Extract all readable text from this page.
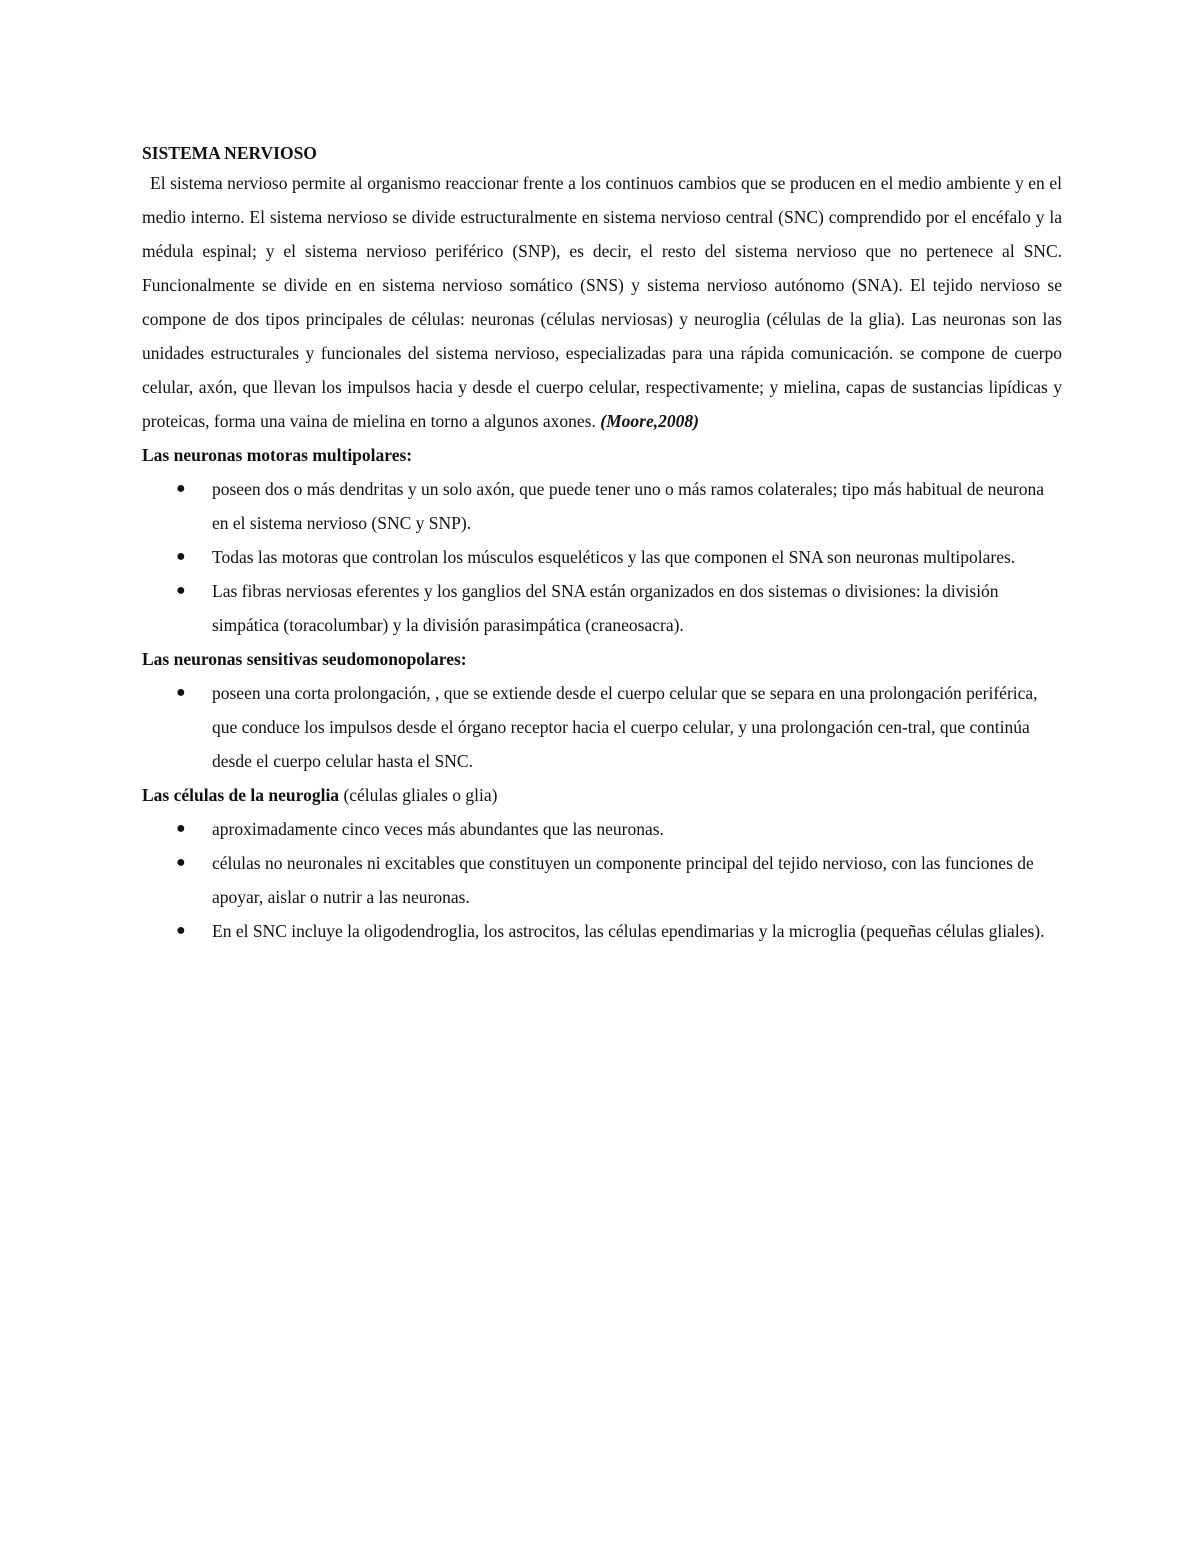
SISTEMA NERVIOSO

El sistema nervioso permite al organismo reaccionar frente a los continuos cambios que se producen en el medio ambiente y en el medio interno. El sistema nervioso se divide estructuralmente en sistema nervioso central (SNC) comprendido por el encéfalo y la médula espinal; y el sistema nervioso periférico (SNP), es decir, el resto del sistema nervioso que no pertenece al SNC. Funcionalmente se divide en en sistema nervioso somático (SNS) y sistema nervioso autónomo (SNA). El tejido nervioso se compone de dos tipos principales de células: neuronas (células nerviosas) y neuroglia (células de la glia). Las neuronas son las unidades estructurales y funcionales del sistema nervioso, especializadas para una rápida comunicación. se compone de cuerpo celular, axón, que llevan los impulsos hacia y desde el cuerpo celular, respectivamente; y mielina, capas de sustancias lipídicas y proteicas, forma una vaina de mielina en torno a algunos axones. (Moore,2008)

Las neuronas motoras multipolares:

● poseen dos o más dendritas y un solo axón, que puede tener uno o más ramos colaterales; tipo más habitual de neurona en el sistema nervioso (SNC y SNP).
● Todas las motoras que controlan los músculos esqueléticos y las que componen el SNA son neuronas multipolares.
● Las fibras nerviosas eferentes y los ganglios del SNA están organizados en dos sistemas o divisiones: la división simpática (toracolumbar) y la división parasimpática (craneosacra).

Las neuronas sensitivas seudomonopolares:

● poseen una corta prolongación, , que se extiende desde el cuerpo celular que se separa en una prolongación periférica, que conduce los impulsos desde el órgano receptor hacia el cuerpo celular, y una prolongación cen-tral, que continúa desde el cuerpo celular hasta el SNC.

Las células de la neuroglia (células gliales o glia)

● aproximadamente cinco veces más abundantes que las neuronas.
● células no neuronales ni excitables que constituyen un componente principal del tejido nervioso, con las funciones de apoyar, aislar o nutrir a las neuronas.
● En el SNC incluye la oligodendroglia, los astrocitos, las células ependimarias y la microglia (pequeñas células gliales).
